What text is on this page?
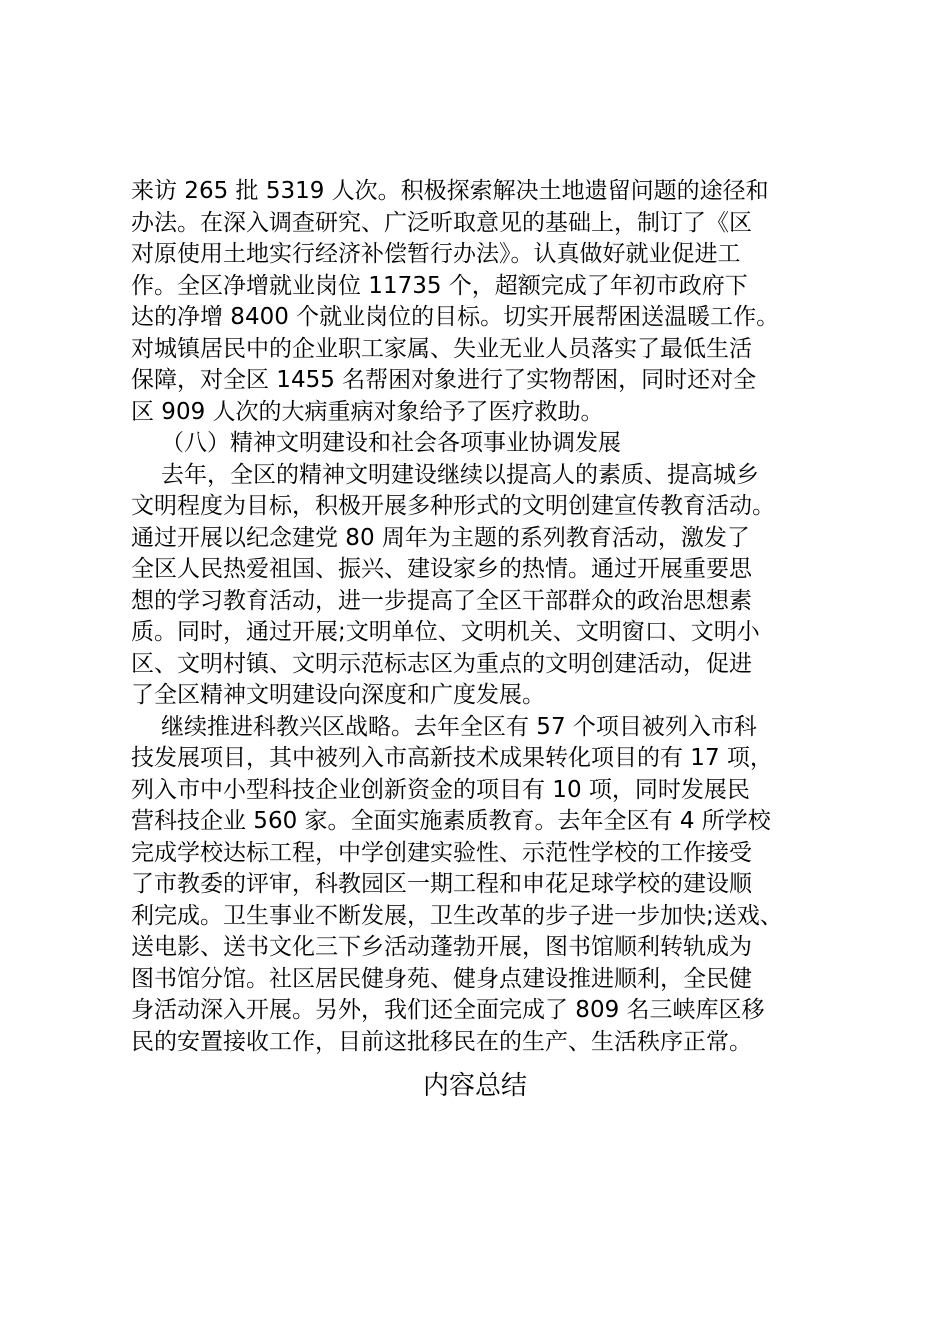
来访 265 批 5319 人次。积极探索解决土地遗留问题的途径和
办法。在深入调查研究、广泛听取意见的基础上，制订了《区
对原使用土地实行经济补偿暂行办法》。认真做好就业促进工
作。全区净增就业岗位 11735 个，超额完成了年初市政府下
达的净增 8400 个就业岗位的目标。切实开展帮困送温暖工作。
对城镇居民中的企业职工家属、失业无业人员落实了最低生活
保障，对全区 1455 名帮困对象进行了实物帮困，同时还对全
区 909 人次的大病重病对象给予了医疗救助。
（八）精神文明建设和社会各项事业协调发展
去年，全区的精神文明建设继续以提高人的素质、提高城乡
文明程度为目标，积极开展多种形式的文明创建宣传教育活动。
通过开展以纪念建党 80 周年为主题的系列教育活动，激发了
全区人民热爱祖国、振兴、建设家乡的热情。通过开展重要思
想的学习教育活动，进一步提高了全区干部群众的政治思想素
质。同时，通过开展;文明单位、文明机关、文明窗口、文明小
区、文明村镇、文明示范标志区为重点的文明创建活动，促进
了全区精神文明建设向深度和广度发展。
继续推进科教兴区战略。去年全区有 57 个项目被列入市科
技发展项目，其中被列入市高新技术成果转化项目的有 17 项，
列入市中小型科技企业创新资金的项目有 10 项，同时发展民
营科技企业 560 家。全面实施素质教育。去年全区有 4 所学校
完成学校达标工程，中学创建实验性、示范性学校的工作接受
了市教委的评审，科教园区一期工程和申花足球学校的建设顺
利完成。卫生事业不断发展，卫生改革的步子进一步加快;送戏、
送电影、送书文化三下乡活动蓬勃开展，图书馆顺利转轨成为
图书馆分馆。社区居民健身苑、健身点建设推进顺利，全民健
身活动深入开展。另外，我们还全面完成了 809 名三峡库区移
民的安置接收工作，目前这批移民在的生产、生活秩序正常。
内容总结
